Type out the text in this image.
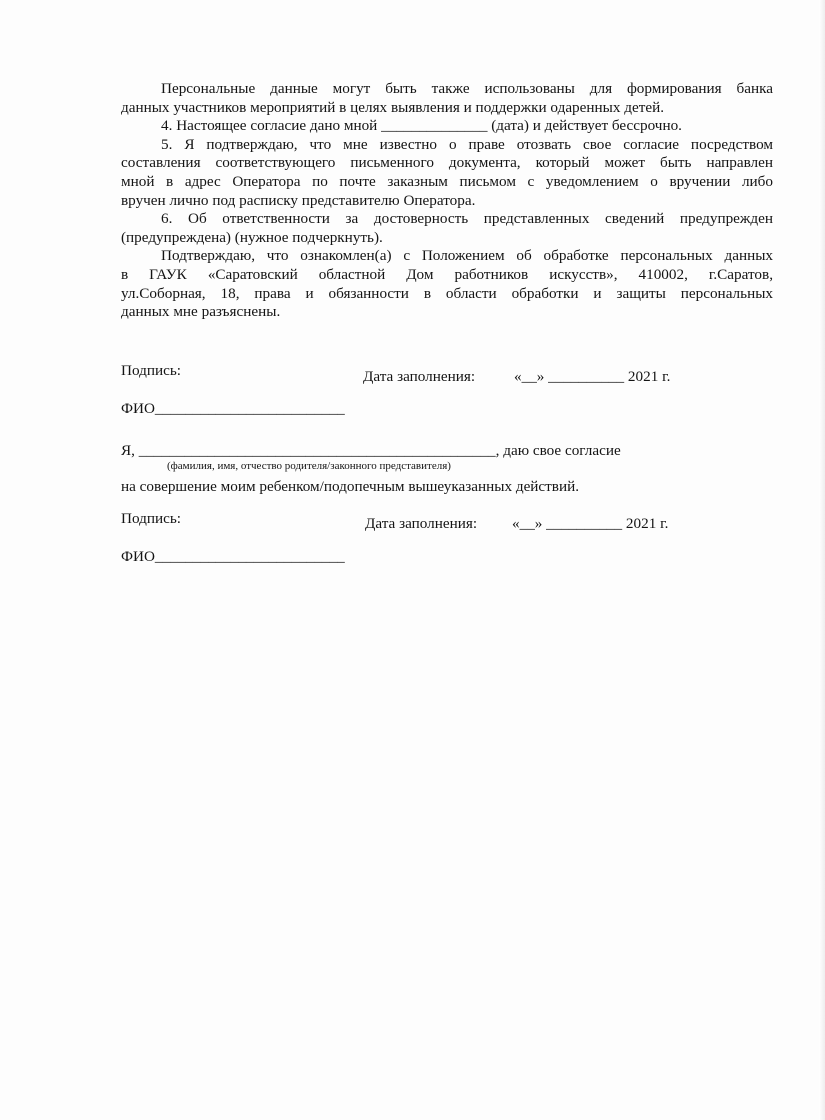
Персональные данные могут быть также использованы для формирования банка

данных участников мероприятий в целях выявления и поддержки одаренных детей.

4. Настоящее согласие дано мной ______________ (дата) и действует бессрочно.

5. Я подтверждаю, что мне известно о праве отозвать свое согласие посредством

составления соответствующего письменного документа, который может быть направлен

мной в адрес Оператора по почте заказным письмом с уведомлением о вручении либо

вручен лично под расписку представителю Оператора.

6. Об ответственности за достоверность представленных сведений предупрежден

(предупреждена) (нужное подчеркнуть).

Подтверждаю, что ознакомлен(а) с Положением об обработке персональных данных

в ГАУК «Саратовский областной Дом работников искусств», 410002, г.Саратов,

ул.Соборная, 18, права и обязанности в области обработки и защиты персональных

данных мне разъяснены.

Подпись:	Дата заполнения:	«__» __________ 2021 г.
ФИО_________________________
Я, _______________________________________________, даю свое согласие
(фамилия, имя, отчество родителя/законного представителя)
на совершение моим ребенком/подопечным вышеуказанных действий.
Подпись:	Дата заполнения: «__» __________ 2021 г.
ФИО_________________________
